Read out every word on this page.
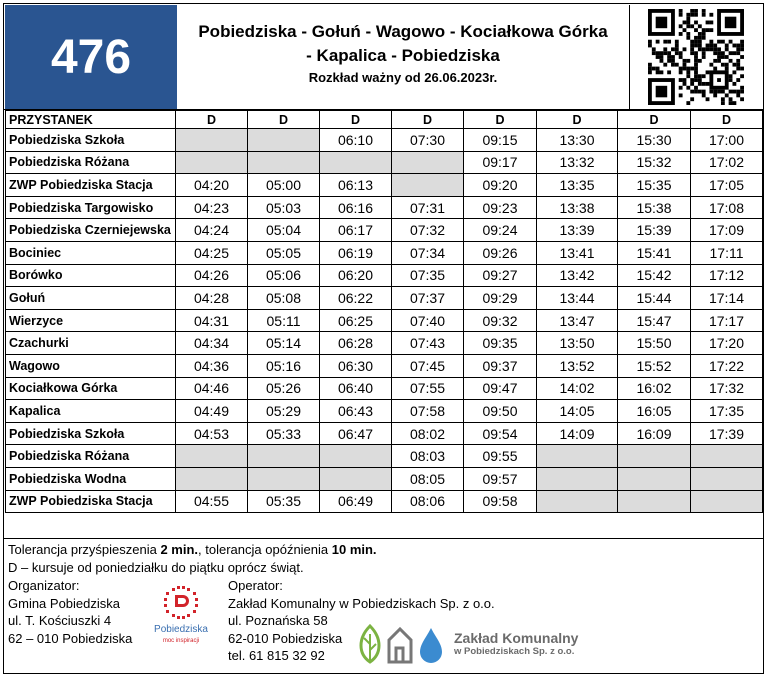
476	Pobiedziska - Gołuń - Wagowo - Kociałkowa Górka
- Kapalica - Pobiedziska
Rozkład ważny od 26.06.2023r.
PRZYSTANEK	D	D	D	D	D	D	D	D
Pobiedziska Szkoła			06:10	07:30	09:15	13:30	15:30	17:00
Pobiedziska Różana					09:17	13:32	15:32	17:02
ZWP Pobiedziska Stacja	04:20	05:00	06:13		09:20	13:35	15:35	17:05
Pobiedziska Targowisko	04:23	05:03	06:16	07:31	09:23	13:38	15:38	17:08
Pobiedziska Czerniejewska	04:24	05:04	06:17	07:32	09:24	13:39	15:39	17:09
Bociniec	04:25	05:05	06:19	07:34	09:26	13:41	15:41	17:11
Borówko	04:26	05:06	06:20	07:35	09:27	13:42	15:42	17:12
Gołuń	04:28	05:08	06:22	07:37	09:29	13:44	15:44	17:14
Wierzyce	04:31	05:11	06:25	07:40	09:32	13:47	15:47	17:17
Czachurki	04:34	05:14	06:28	07:43	09:35	13:50	15:50	17:20
Wagowo	04:36	05:16	06:30	07:45	09:37	13:52	15:52	17:22
Kociałkowa Górka	04:46	05:26	06:40	07:55	09:47	14:02	16:02	17:32
Kapalica	04:49	05:29	06:43	07:58	09:50	14:05	16:05	17:35
Pobiedziska Szkoła	04:53	05:33	06:47	08:02	09:54	14:09	16:09	17:39
Pobiedziska Różana				08:03	09:55			
Pobiedziska Wodna				08:05	09:57			
ZWP Pobiedziska Stacja	04:55	05:35	06:49	08:06	09:58			
Tolerancja przyśpieszenia 2 min., tolerancja opóźnienia 10 min.
D – kursuje od poniedziałku do piątku oprócz świąt.
Organizator:
Gmina Pobiedziska
ul. T. Kościuszki 4
62 – 010 Pobiedziska
Pobiedziska
moc inspiracji
Operator:
Zakład Komunalny w Pobiedziskach Sp. z o.o.
ul. Poznańska 58
62-010 Pobiedziska
tel. 61 815 32 92
Zakład Komunalny
w Pobiedziskach Sp. z o.o.
